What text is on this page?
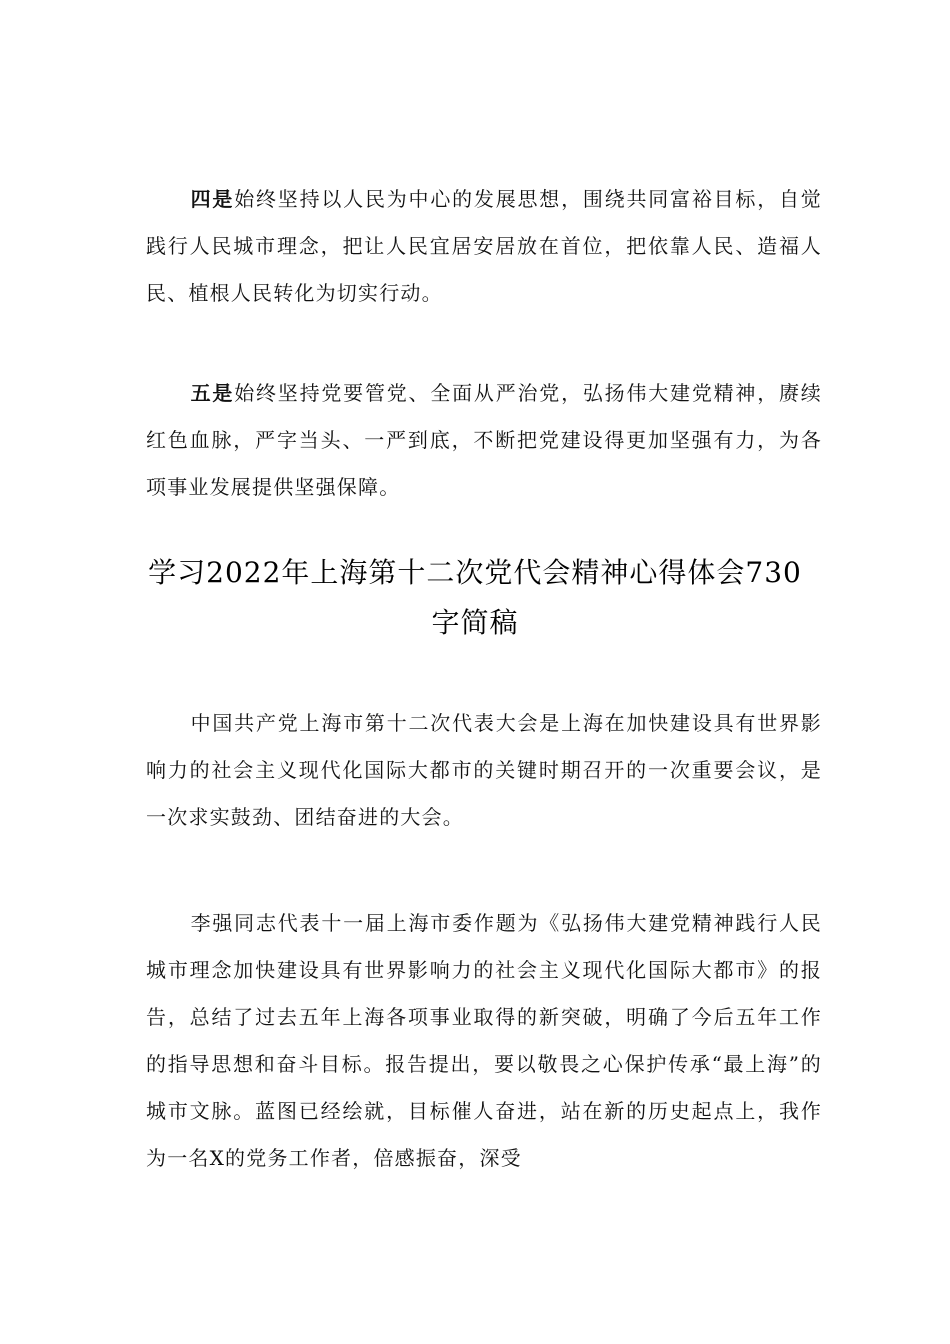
四是始终坚持以人民为中心的发展思想，围绕共同富裕目标，自觉践行人民城市理念，把让人民宜居安居放在首位，把依靠人民、造福人民、植根人民转化为切实行动。

五是始终坚持党要管党、全面从严治党，弘扬伟大建党精神，赓续红色血脉，严字当头、一严到底，不断把党建设得更加坚强有力，为各项事业发展提供坚强保障。

学习2022年上海第十二次党代会精神心得体会730
字简稿

中国共产党上海市第十二次代表大会是上海在加快建设具有世界影响力的社会主义现代化国际大都市的关键时期召开的一次重要会议，是一次求实鼓劲、团结奋进的大会。

李强同志代表十一届上海市委作题为《弘扬伟大建党精神践行人民城市理念加快建设具有世界影响力的社会主义现代化国际大都市》的报告，总结了过去五年上海各项事业取得的新突破，明确了今后五年工作的指导思想和奋斗目标。报告提出，要以敬畏之心保护传承“最上海”的城市文脉。蓝图已经绘就，目标催人奋进，站在新的历史起点上，我作为一名X的党务工作者，倍感振奋，深受
